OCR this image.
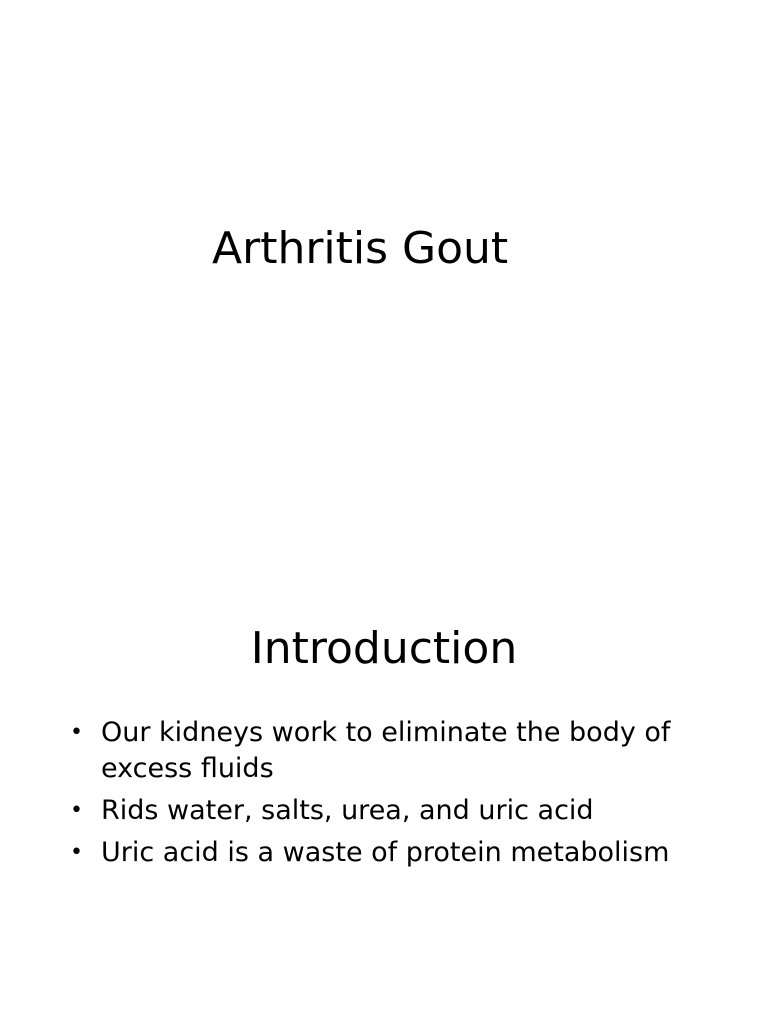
Arthritis Gout
Introduction
• Our kidneys work to eliminate the body of excess fluids
• Rids water, salts, urea, and uric acid
• Uric acid is a waste of protein metabolism
